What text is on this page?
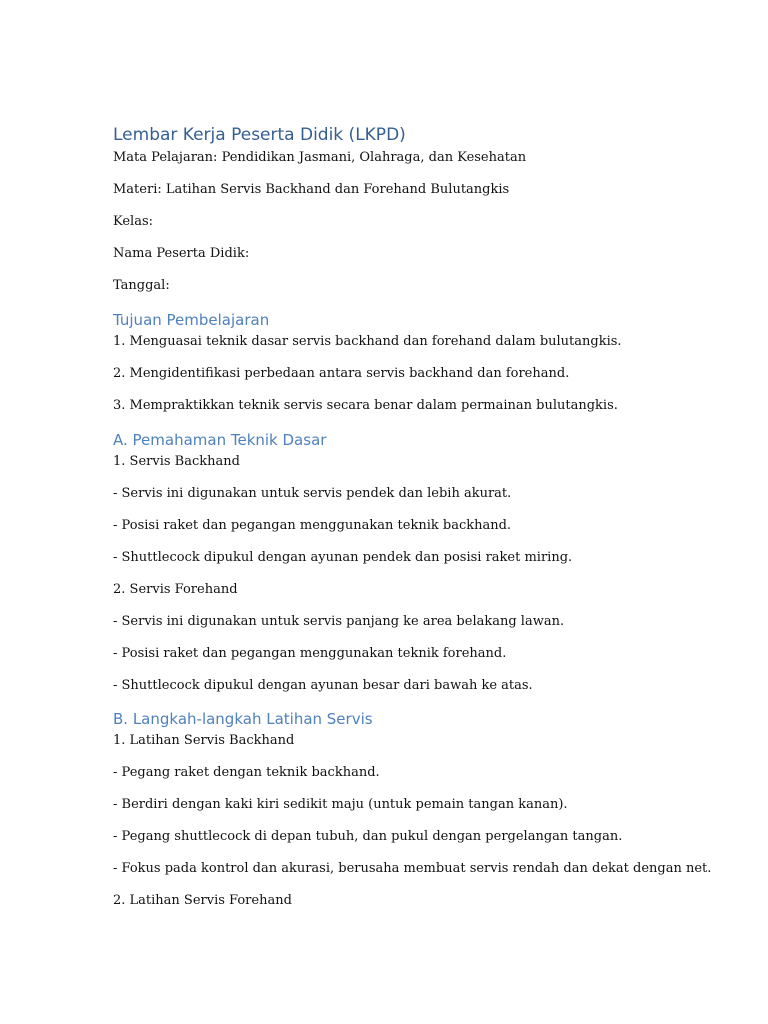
Lembar Kerja Peserta Didik (LKPD)
Mata Pelajaran: Pendidikan Jasmani, Olahraga, dan Kesehatan
Materi: Latihan Servis Backhand dan Forehand Bulutangkis
Kelas:
Nama Peserta Didik:
Tanggal:
Tujuan Pembelajaran
1. Menguasai teknik dasar servis backhand dan forehand dalam bulutangkis.
2. Mengidentifikasi perbedaan antara servis backhand dan forehand.
3. Mempraktikkan teknik servis secara benar dalam permainan bulutangkis.
A. Pemahaman Teknik Dasar
1. Servis Backhand
- Servis ini digunakan untuk servis pendek dan lebih akurat.
- Posisi raket dan pegangan menggunakan teknik backhand.
- Shuttlecock dipukul dengan ayunan pendek dan posisi raket miring.
2. Servis Forehand
- Servis ini digunakan untuk servis panjang ke area belakang lawan.
- Posisi raket dan pegangan menggunakan teknik forehand.
- Shuttlecock dipukul dengan ayunan besar dari bawah ke atas.
B. Langkah-langkah Latihan Servis
1. Latihan Servis Backhand
- Pegang raket dengan teknik backhand.
- Berdiri dengan kaki kiri sedikit maju (untuk pemain tangan kanan).
- Pegang shuttlecock di depan tubuh, dan pukul dengan pergelangan tangan.
- Fokus pada kontrol dan akurasi, berusaha membuat servis rendah dan dekat dengan net.
2. Latihan Servis Forehand
